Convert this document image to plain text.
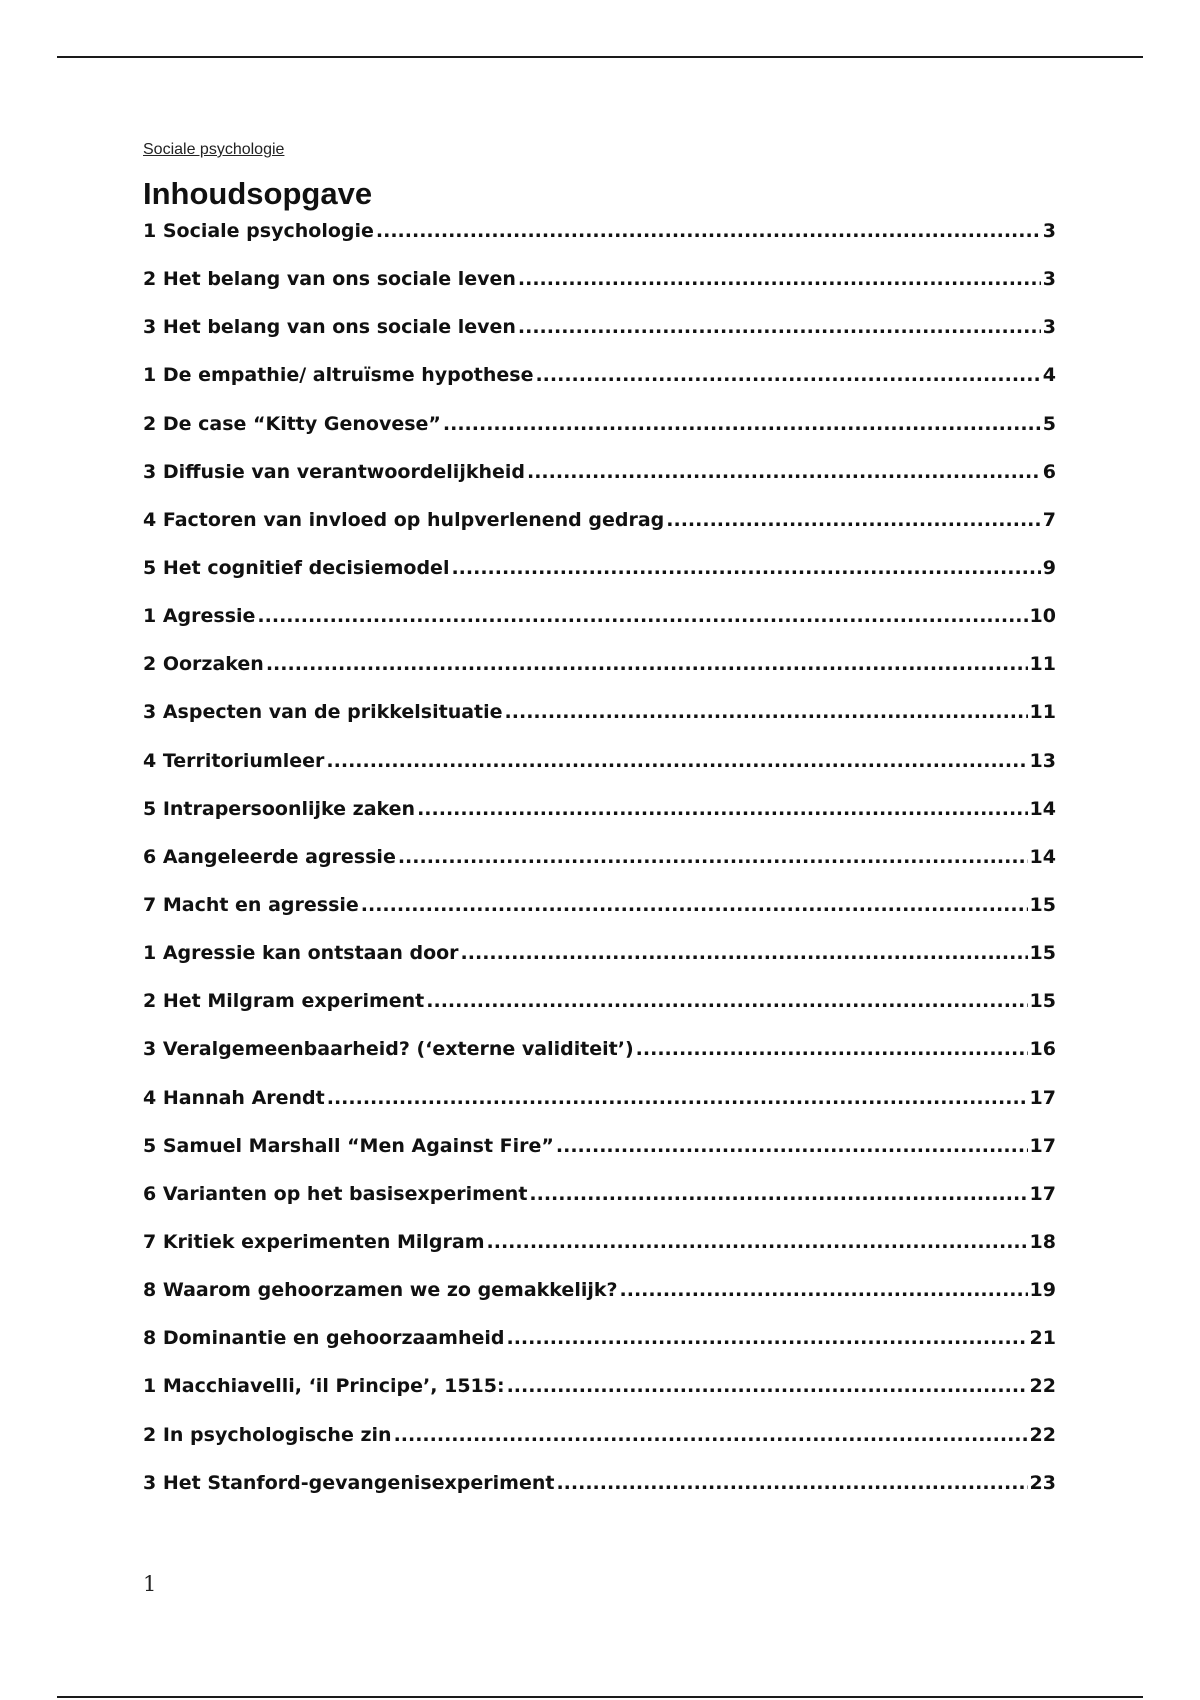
Sociale psychologie
Inhoudsopgave
1 Sociale psychologie .....	3
2 Het belang van ons sociale leven .....	3
3 Het belang van ons sociale leven .....	3
1 De empathie/ altruïsme hypothese .....	4
2 De case “Kitty Genovese” .....	5
3 Diffusie van verantwoordelijkheid .....	6
4 Factoren van invloed op hulpverlenend gedrag .....	7
5 Het cognitief decisiemodel .....	9
1 Agressie .....	10
2 Oorzaken .....	11
3 Aspecten van de prikkelsituatie .....	11
4 Territoriumleer .....	13
5 Intrapersoonlijke zaken .....	14
6 Aangeleerde agressie .....	14
7 Macht en agressie .....	15
1 Agressie kan ontstaan door .....	15
2 Het Milgram experiment .....	15
3 Veralgemeenbaarheid? (‘externe validiteit’) .....	16
4 Hannah Arendt .....	17
5 Samuel Marshall “Men Against Fire” .....	17
6 Varianten op het basisexperiment .....	17
7 Kritiek experimenten Milgram .....	18
8 Waarom gehoorzamen we zo gemakkelijk? .....	19
8 Dominantie en gehoorzaamheid .....	21
1 Macchiavelli, ‘il Principe’, 1515: .....	22
2 In psychologische zin .....	22
3 Het Stanford-gevangenisexperiment .....	23
1
